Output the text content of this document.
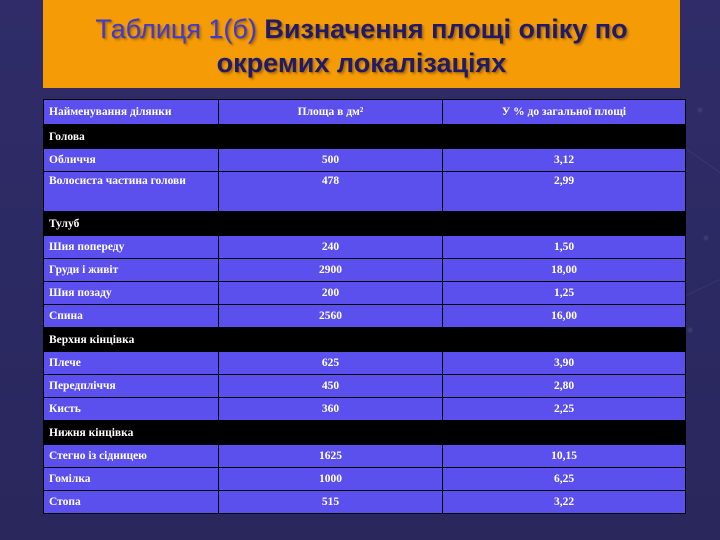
Таблиця 1(б) Визначення площі опіку по окремих локалізаціях
Найменування ділянки	Площа в дм²	У % до загальної площі
Голова		
Обличчя	500	3,12
Волосиста частина голови	478	2,99
Тулуб		
Шия попереду	240	1,50
Груди і живіт	2900	18,00
Шия позаду	200	1,25
Спина	2560	16,00
Верхня кінцівка		
Плече	625	3,90
Передпліччя	450	2,80
Кисть	360	2,25
Нижня кінцівка		
Стегно із сідницею	1625	10,15
Гомілка	1000	6,25
Стопа	515	3,22
